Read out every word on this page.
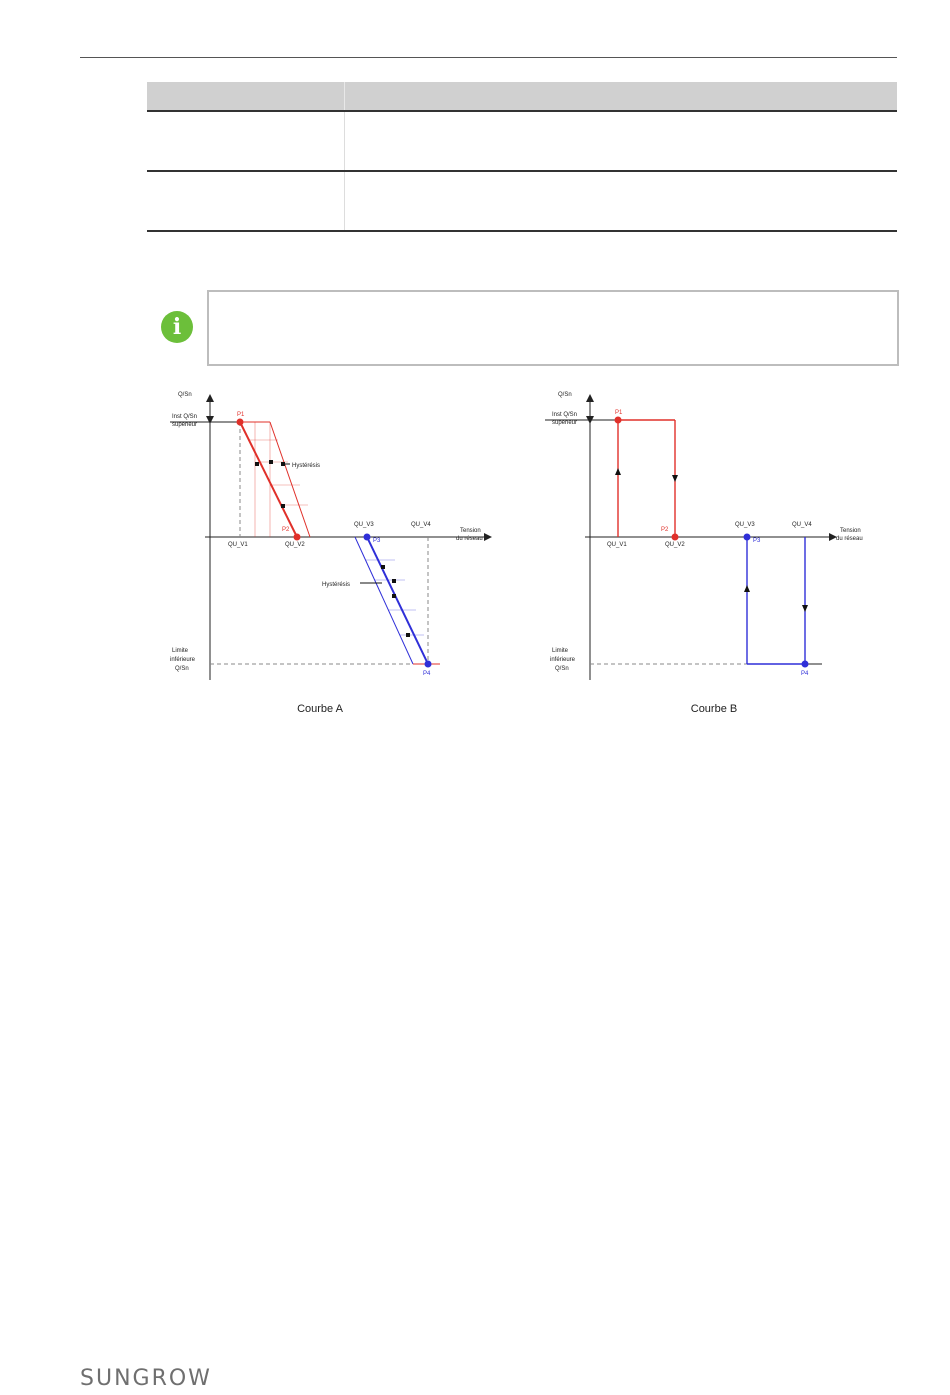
i
Q/Sn
Inst Q/Sn
supérieur
Limite
inférieure
Q/Sn
Tension
du réseau
QU_V1	QU_V2
QU_V3	QU_V4
P1
P2
P3
P4
Hystérésis
Hystérésis
Courbe A
Q/Sn
Inst Q/Sn
supérieur
Limite
inférieure
Q/Sn
Tension
du réseau
QU_V1	QU_V2
QU_V3	QU_V4
P1
P2
P3
P4
Courbe B
SUNGROW
